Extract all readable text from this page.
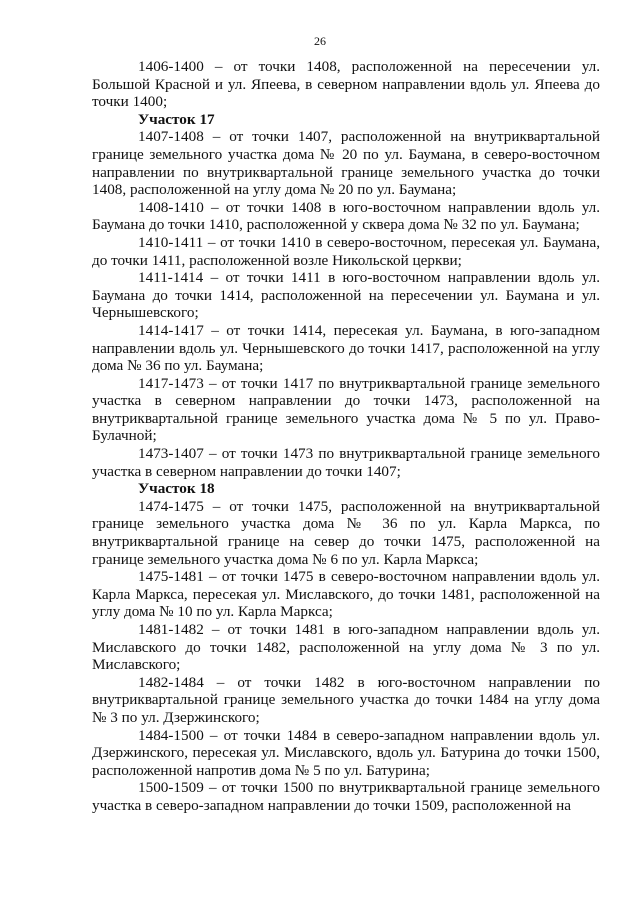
26

1406-1400 – от точки 1408, расположенной на пересечении ул. Большой Красной и ул. Япеева, в северном направлении вдоль ул. Япеева до точки 1400;

Участок 17

1407-1408 – от точки 1407, расположенной на внутриквартальной границе земельного участка дома № 20 по ул. Баумана, в северо-восточном направлении по внутриквартальной границе земельного участка до точки 1408, расположенной на углу дома № 20 по ул. Баумана;

1408-1410 – от точки 1408 в юго-восточном направлении вдоль ул. Баумана до точки 1410, расположенной у сквера дома № 32 по ул. Баумана;

1410-1411 – от точки 1410 в северо-восточном, пересекая ул. Баумана, до точки 1411, расположенной возле Никольской церкви;

1411-1414 – от точки 1411 в юго-восточном направлении вдоль ул. Баумана до точки 1414, расположенной на пересечении ул. Баумана и ул. Чернышевского;

1414-1417 – от точки 1414, пересекая ул. Баумана, в юго-западном направлении вдоль ул. Чернышевского до точки 1417, расположенной на углу дома № 36 по ул. Баумана;

1417-1473 – от точки 1417 по внутриквартальной границе земельного участка в северном направлении до точки 1473, расположенной на внутриквартальной границе земельного участка дома № 5 по ул. Право-Булачной;

1473-1407 – от точки 1473 по внутриквартальной границе земельного участка в северном направлении до точки 1407;

Участок 18

1474-1475 – от точки 1475, расположенной на внутриквартальной границе земельного участка дома № 36 по ул. Карла Маркса, по внутриквартальной границе на север до точки 1475, расположенной на границе земельного участка дома № 6 по ул. Карла Маркса;

1475-1481 – от точки 1475 в северо-восточном направлении вдоль ул. Карла Маркса, пересекая ул. Миславского, до точки 1481, расположенной на углу дома № 10 по ул. Карла Маркса;

1481-1482 – от точки 1481 в юго-западном направлении вдоль ул. Миславского до точки 1482, расположенной на углу дома № 3 по ул. Миславского;

1482-1484 – от точки 1482 в юго-восточном направлении по внутриквартальной границе земельного участка до точки 1484 на углу дома № 3 по ул. Дзержинского;

1484-1500 – от точки 1484 в северо-западном направлении вдоль ул. Дзержинского, пересекая ул. Миславского, вдоль ул. Батурина до точки 1500, расположенной напротив дома № 5 по ул. Батурина;

1500-1509 – от точки 1500 по внутриквартальной границе земельного участка в северо-западном направлении до точки 1509, расположенной на
